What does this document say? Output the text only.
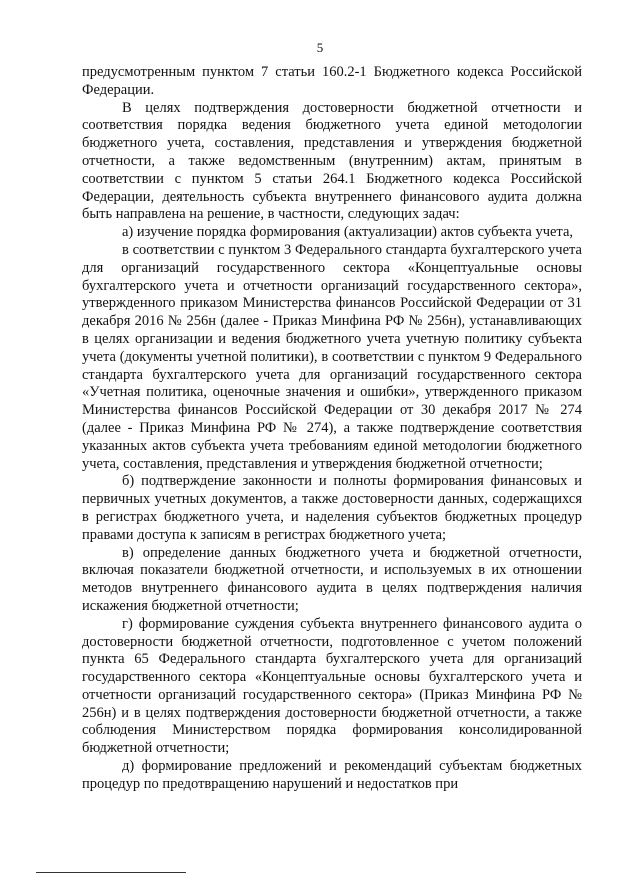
5

предусмотренным пунктом 7 статьи 160.2-1 Бюджетного кодекса Российской Федерации.

В целях подтверждения достоверности бюджетной отчетности и соответствия порядка ведения бюджетного учета единой методологии бюджетного учета, составления, представления и утверждения бюджетной отчетности, а также ведомственным (внутренним) актам, принятым в соответствии с пунктом 5 статьи 264.1 Бюджетного кодекса Российской Федерации, деятельность субъекта внутреннего финансового аудита должна быть направлена на решение, в частности, следующих задач:

а) изучение порядка формирования (актуализации) актов субъекта учета,

в соответствии с пунктом 3 Федерального стандарта бухгалтерского учета для организаций государственного сектора «Концептуальные основы бухгалтерского учета и отчетности организаций государственного сектора», утвержденного приказом Министерства финансов Российской Федерации от 31 декабря 2016 № 256н (далее - Приказ Минфина РФ № 256н), устанавливающих в целях организации и ведения бюджетного учета учетную политику субъекта учета (документы учетной политики), в соответствии с пунктом 9 Федерального стандарта бухгалтерского учета для организаций государственного сектора «Учетная политика, оценочные значения и ошибки», утвержденного приказом Министерства финансов Российской Федерации от 30 декабря 2017 № 274 (далее - Приказ Минфина РФ № 274), а также подтверждение соответствия указанных актов субъекта учета требованиям единой методологии бюджетного учета, составления, представления и утверждения бюджетной отчетности;

б) подтверждение законности и полноты формирования финансовых и первичных учетных документов, а также достоверности данных, содержащихся в регистрах бюджетного учета, и наделения субъектов бюджетных процедур правами доступа к записям в регистрах бюджетного учета;

в) определение данных бюджетного учета и бюджетной отчетности, включая показатели бюджетной отчетности, и используемых в их отношении методов внутреннего финансового аудита в целях подтверждения наличия искажения бюджетной отчетности;

г) формирование суждения субъекта внутреннего финансового аудита о достоверности бюджетной отчетности, подготовленное с учетом положений пункта 65 Федерального стандарта бухгалтерского учета для организаций государственного сектора «Концептуальные основы бухгалтерского учета и отчетности организаций государственного сектора» (Приказ Минфина РФ № 256н) и в целях подтверждения достоверности бюджетной отчетности, а также соблюдения Министерством порядка формирования консолидированной бюджетной отчетности;

д) формирование предложений и рекомендаций субъектам бюджетных процедур по предотвращению нарушений и недостатков при
